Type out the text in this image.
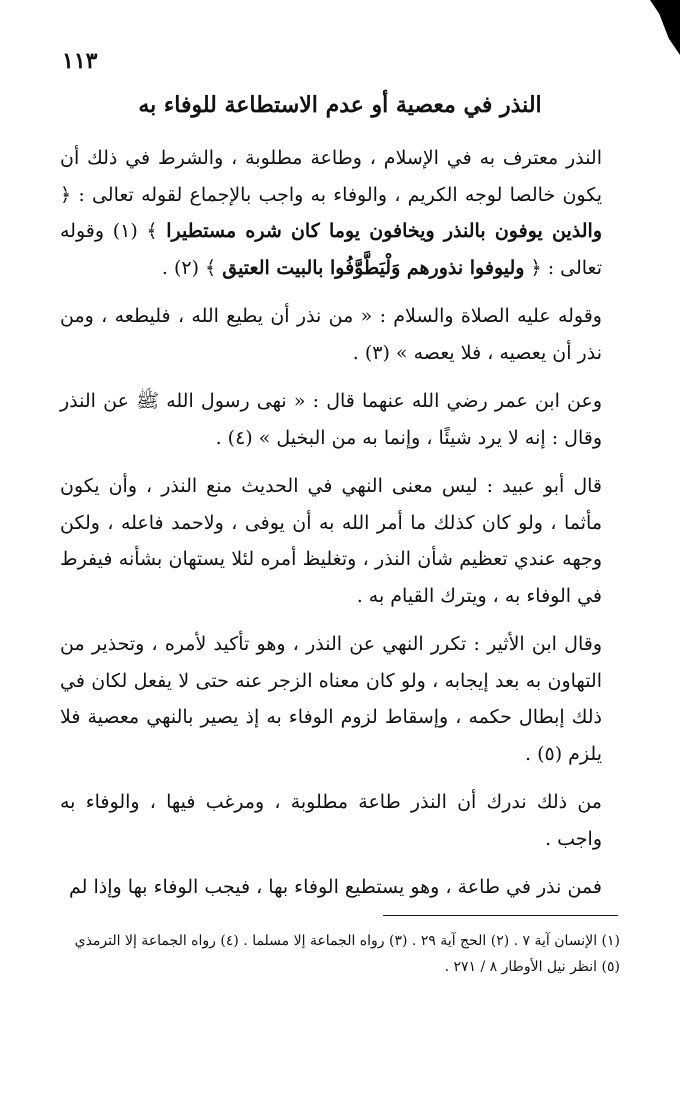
١١٣
النذر في معصية أو عدم الاستطاعة للوفاء به

النذر معترف به في الإسلام ، وطاعة مطلوبة ، والشرط في ذلك أن يكون خالصا لوجه الكريم ، والوفاء به واجب بالإجماع لقوله تعالى : ﴿ والذين يوفون بالنذر ويخافون يوما كان شره مستطيرا ﴾ (١) وقوله تعالى : ﴿ وليوفوا نذورهم وَلْيَطَّوَّفُوا بالبيت العتيق ﴾ (٢) .

وقوله عليه الصلاة والسلام : « من نذر أن يطيع الله ، فليطعه ، ومن نذر أن يعصيه ، فلا يعصه » (٣) .

وعن ابن عمر رضي الله عنهما قال : « نهى رسول الله ﷺ عن النذر وقال : إنه لا يرد شيئًا ، وإنما به من البخيل » (٤) .

قال أبو عبيد : ليس معنى النهي في الحديث منع النذر ، وأن يكون مأثما ، ولو كان كذلك ما أمر الله به أن يوفى ، ولاحمد فاعله ، ولكن وجهه عندي تعظيم شأن النذر ، وتغليظ أمره لئلا يستهان بشأنه فيفرط في الوفاء به ، ويترك القيام به .

وقال ابن الأثير : تكرر النهي عن النذر ، وهو تأكيد لأمره ، وتحذير من التهاون به بعد إيجابه ، ولو كان معناه الزجر عنه حتى لا يفعل لكان في ذلك إبطال حكمه ، وإسقاط لزوم الوفاء به إذ يصير بالنهي معصية فلا يلزم (٥) .

من ذلك ندرك أن النذر طاعة مطلوبة ، ومرغب فيها ، والوفاء به واجب .

فمن نذر في طاعة ، وهو يستطيع الوفاء بها ، فيجب الوفاء بها وإذا لم

(١) الإنسان آية ٧ . (٢) الحج آية ٢٩ . (٣) رواه الجماعة إلا مسلما . (٤) رواه الجماعة إلا الترمذي
(٥) انظر نيل الأوطار ٨ / ٢٧١ .
